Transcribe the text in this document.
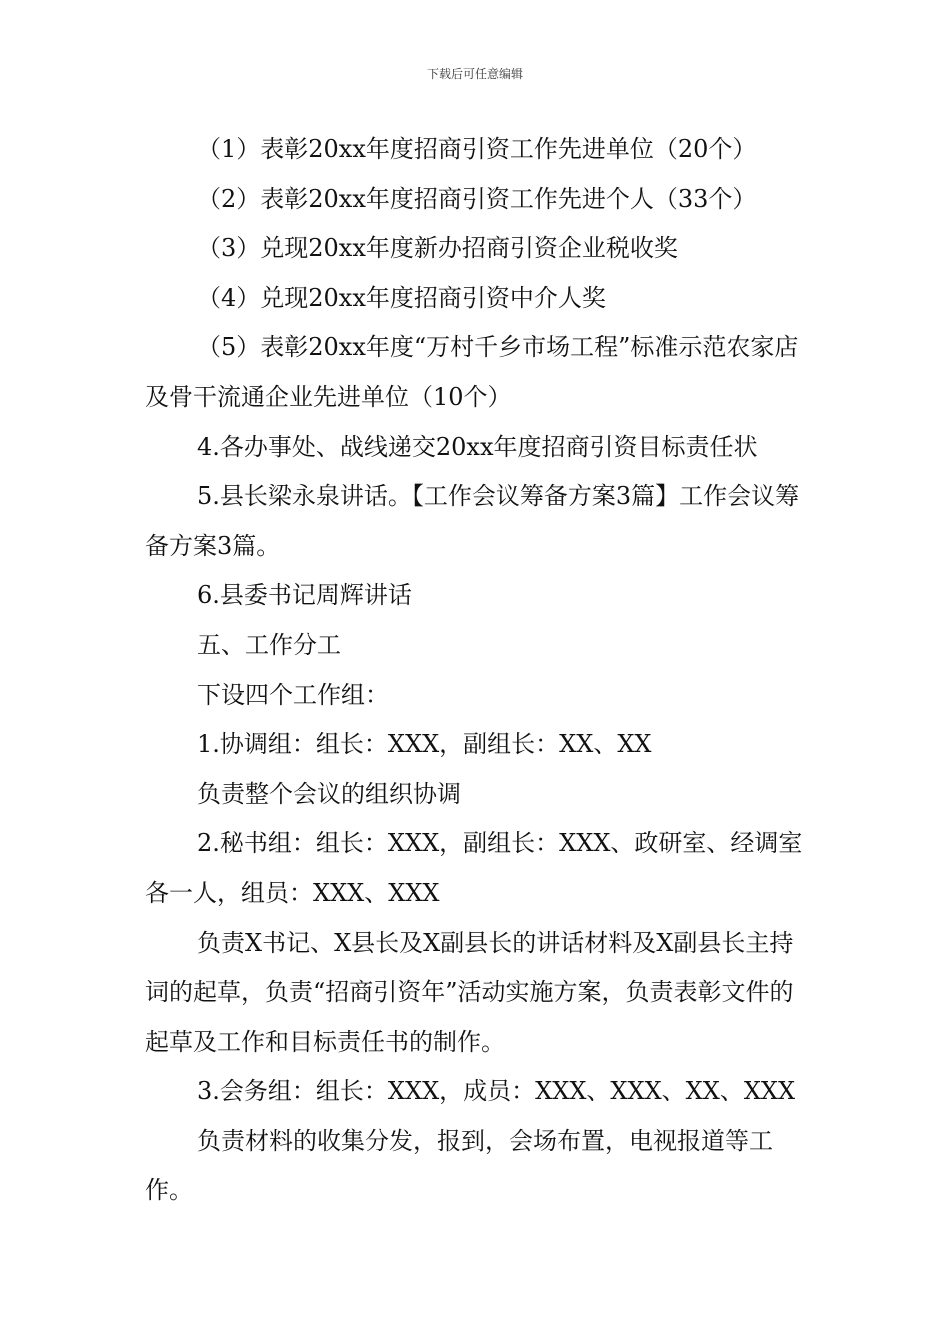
下载后可任意编辑

（1）表彰20xx年度招商引资工作先进单位（20个）

（2）表彰20xx年度招商引资工作先进个人（33个）

（3）兑现20xx年度新办招商引资企业税收奖

（4）兑现20xx年度招商引资中介人奖

（5）表彰20xx年度“万村千乡市场工程”标准示范农家店及骨干流通企业先进单位（10个）

4.各办事处、战线递交20xx年度招商引资目标责任状

5.县长梁永泉讲话。【工作会议筹备方案3篇】工作会议筹备方案3篇。

6.县委书记周辉讲话

五、工作分工

下设四个工作组：

1.协调组：组长：XXX，副组长：XX、XX

负责整个会议的组织协调

2.秘书组：组长：XXX，副组长：XXX、政研室、经调室各一人，组员：XXX、XXX

负责X书记、X县长及X副县长的讲话材料及X副县长主持词的起草，负责“招商引资年”活动实施方案，负责表彰文件的起草及工作和目标责任书的制作。

3.会务组：组长：XXX，成员：XXX、XXX、XX、XXX

负责材料的收集分发，报到，会场布置，电视报道等工作。
